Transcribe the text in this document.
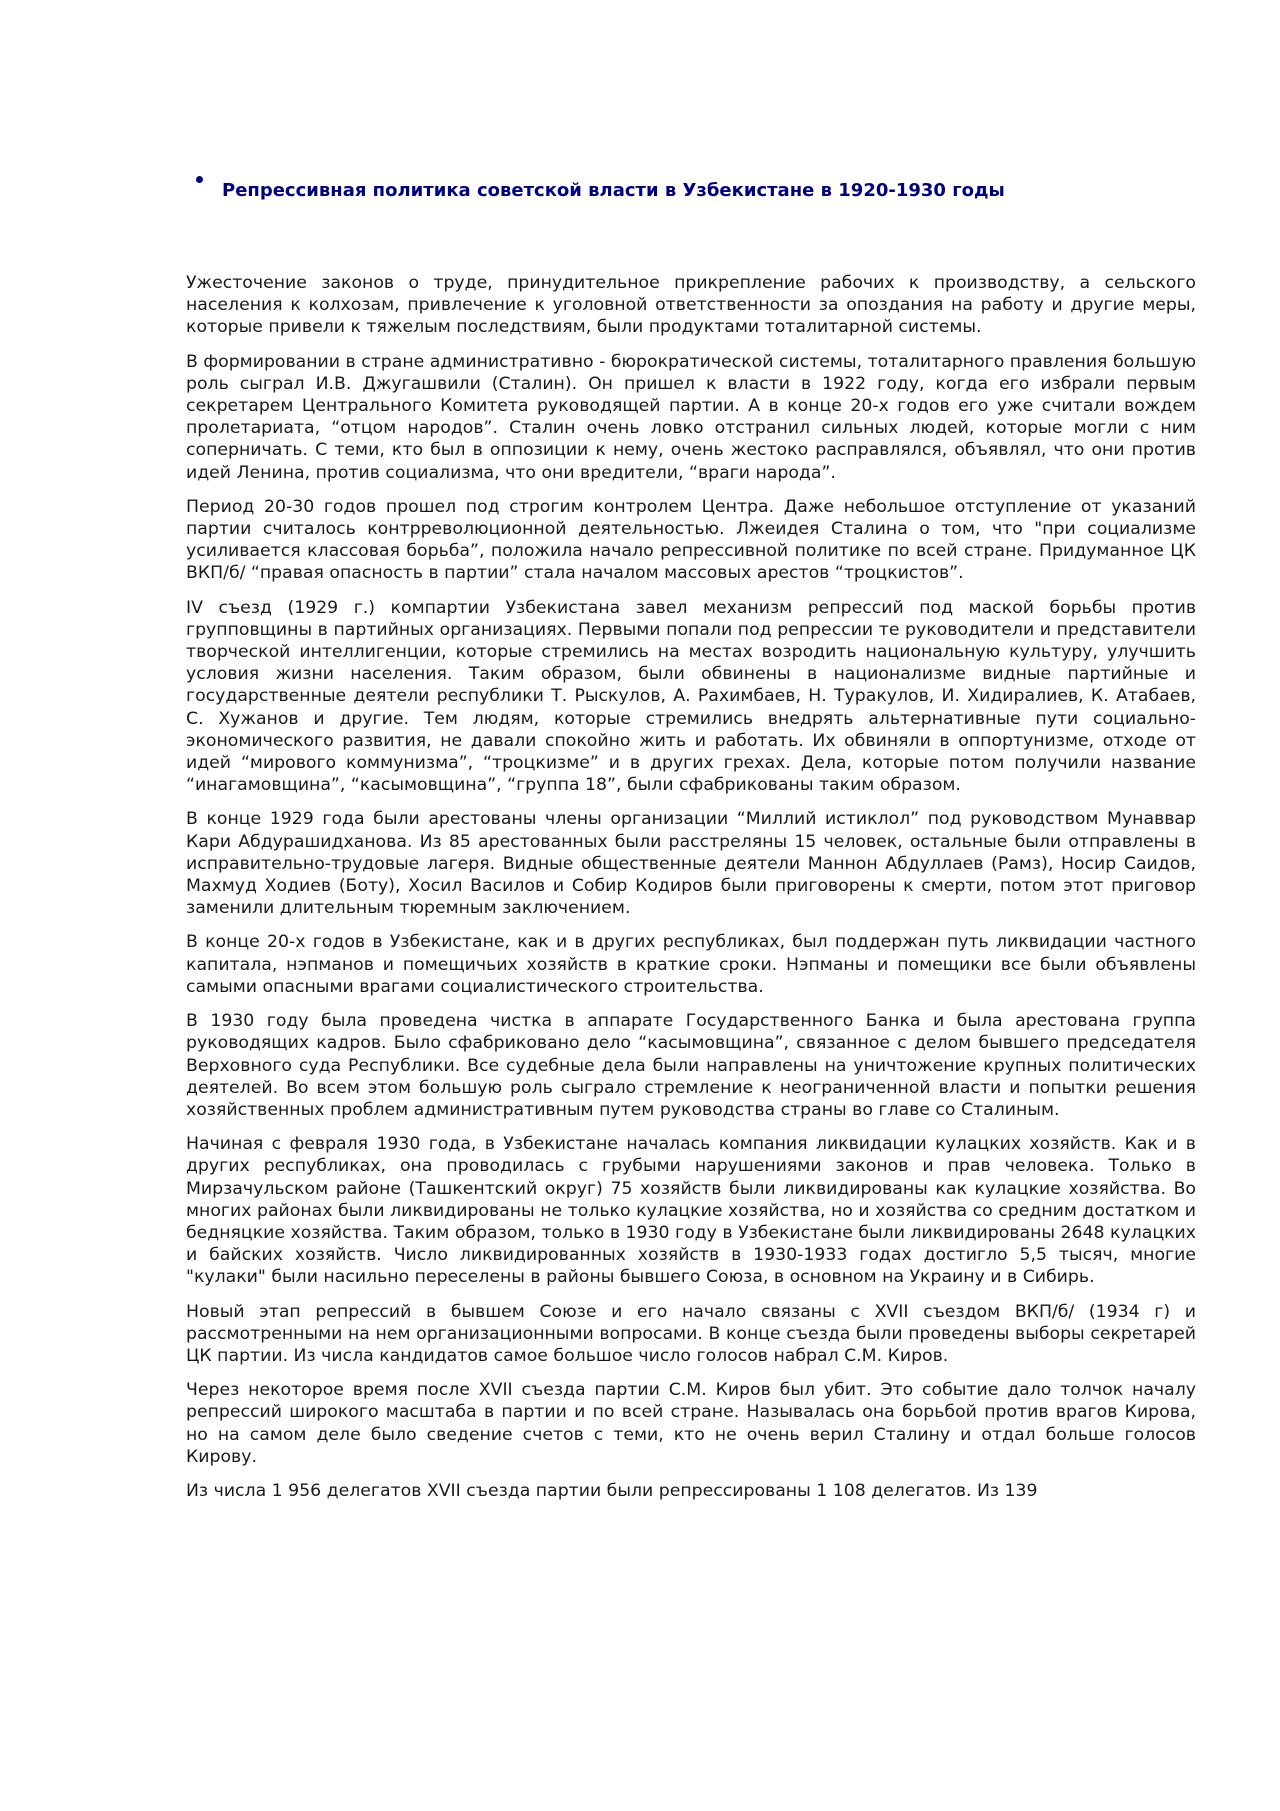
Репрессивная политика советской власти в Узбекистане в 1920-1930 годы

Ужесточение законов о труде, принудительное прикрепление рабочих к производству, а сельского населения к колхозам, привлечение к уголовной ответственности за опоздания на работу и другие меры, которые привели к тяжелым последствиям, были продуктами тоталитарной системы.

В формировании в стране административно - бюрократической системы, тоталитарного правления большую роль сыграл И.В. Джугашвили (Сталин). Он пришел к власти в 1922 году, когда его избрали первым секретарем Центрального Комитета руководящей партии. А в конце 20-х годов его уже считали вождем пролетариата, “отцом народов”. Сталин очень ловко отстранил сильных людей, которые могли с ним соперничать. С теми, кто был в оппозиции к нему, очень жестоко расправлялся, объявлял, что они против идей Ленина, против социализма, что они вредители, “враги народа”.

Период 20-30 годов прошел под строгим контролем Центра. Даже небольшое отступление от указаний партии считалось контрреволюционной деятельностью. Лжеидея Сталина о том, что "при социализме усиливается классовая борьба”, положила начало репрессивной политике по всей стране. Придуманное ЦК ВКП/б/ “правая опасность в партии” стала началом массовых арестов “троцкистов”.

IV съезд (1929 г.) компартии Узбекистана завел механизм репрессий под маской борьбы против групповщины в партийных организациях. Первыми попали под репрессии те руководители и представители творческой интеллигенции, которые стремились на местах возродить национальную культуру, улучшить условия жизни населения. Таким образом, были обвинены в национализме видные партийные и государственные деятели республики Т. Рыскулов, А. Рахимбаев, Н. Туракулов, И. Хидиралиев, К. Атабаев, С. Хужанов и другие. Тем людям, которые стремились внедрять альтернативные пути социально-экономического развития, не давали спокойно жить и работать. Их обвиняли в оппортунизме, отходе от идей “мирового коммунизма”, “троцкизме” и в других грехах. Дела, которые потом получили название “инагамовщина”, “касымовщина”, “группа 18”, были сфабрикованы таким образом.

В конце 1929 года были арестованы члены организации “Миллий истиклол” под руководством Мунаввар Кари Абдурашидханова. Из 85 арестованных были расстреляны 15 человек, остальные были отправлены в исправительно-трудовые лагеря. Видные общественные деятели Маннон Абдуллаев (Рамз), Носир Саидов, Махмуд Ходиев (Боту), Хосил Василов и Собир Кодиров были приговорены к смерти, потом этот приговор заменили длительным тюремным заключением.

В конце 20-х годов в Узбекистане, как и в других республиках, был поддержан путь ликвидации частного капитала, нэпманов и помещичьих хозяйств в краткие сроки. Нэпманы и помещики все были объявлены самыми опасными врагами социалистического строительства.

В 1930 году была проведена чистка в аппарате Государственного Банка и была арестована группа руководящих кадров. Было сфабриковано дело “касымовщина”, связанное с делом бывшего председателя Верховного суда Республики. Все судебные дела были направлены на уничтожение крупных политических деятелей. Во всем этом большую роль сыграло стремление к неограниченной власти и попытки решения хозяйственных проблем административным путем руководства страны во главе со Сталиным.

Начиная с февраля 1930 года, в Узбекистане началась компания ликвидации кулацких хозяйств. Как и в других республиках, она проводилась с грубыми нарушениями законов и прав человека. Только в Мирзачульском районе (Ташкентский округ) 75 хозяйств были ликвидированы как кулацкие хозяйства. Во многих районах были ликвидированы не только кулацкие хозяйства, но и хозяйства со средним достатком и бедняцкие хозяйства. Таким образом, только в 1930 году в Узбекистане были ликвидированы 2648 кулацких и байских хозяйств. Число ликвидированных хозяйств в 1930-1933 годах достигло 5,5 тысяч, многие "кулаки" были насильно переселены в районы бывшего Союза, в основном на Украину и в Сибирь.

Новый этап репрессий в бывшем Союзе и его начало связаны с XVII съездом ВКП/б/ (1934 г) и рассмотренными на нем организационными вопросами. В конце съезда были проведены выборы секретарей ЦК партии. Из числа кандидатов самое большое число голосов набрал С.М. Киров.

Через некоторое время после XVII съезда партии С.М. Киров был убит. Это событие дало толчок началу репрессий широкого масштаба в партии и по всей стране. Называлась она борьбой против врагов Кирова, но на самом деле было сведение счетов с теми, кто не очень верил Сталину и отдал больше голосов Кирову.

Из числа 1 956 делегатов XVII съезда партии были репрессированы 1 108 делегатов. Из 139
